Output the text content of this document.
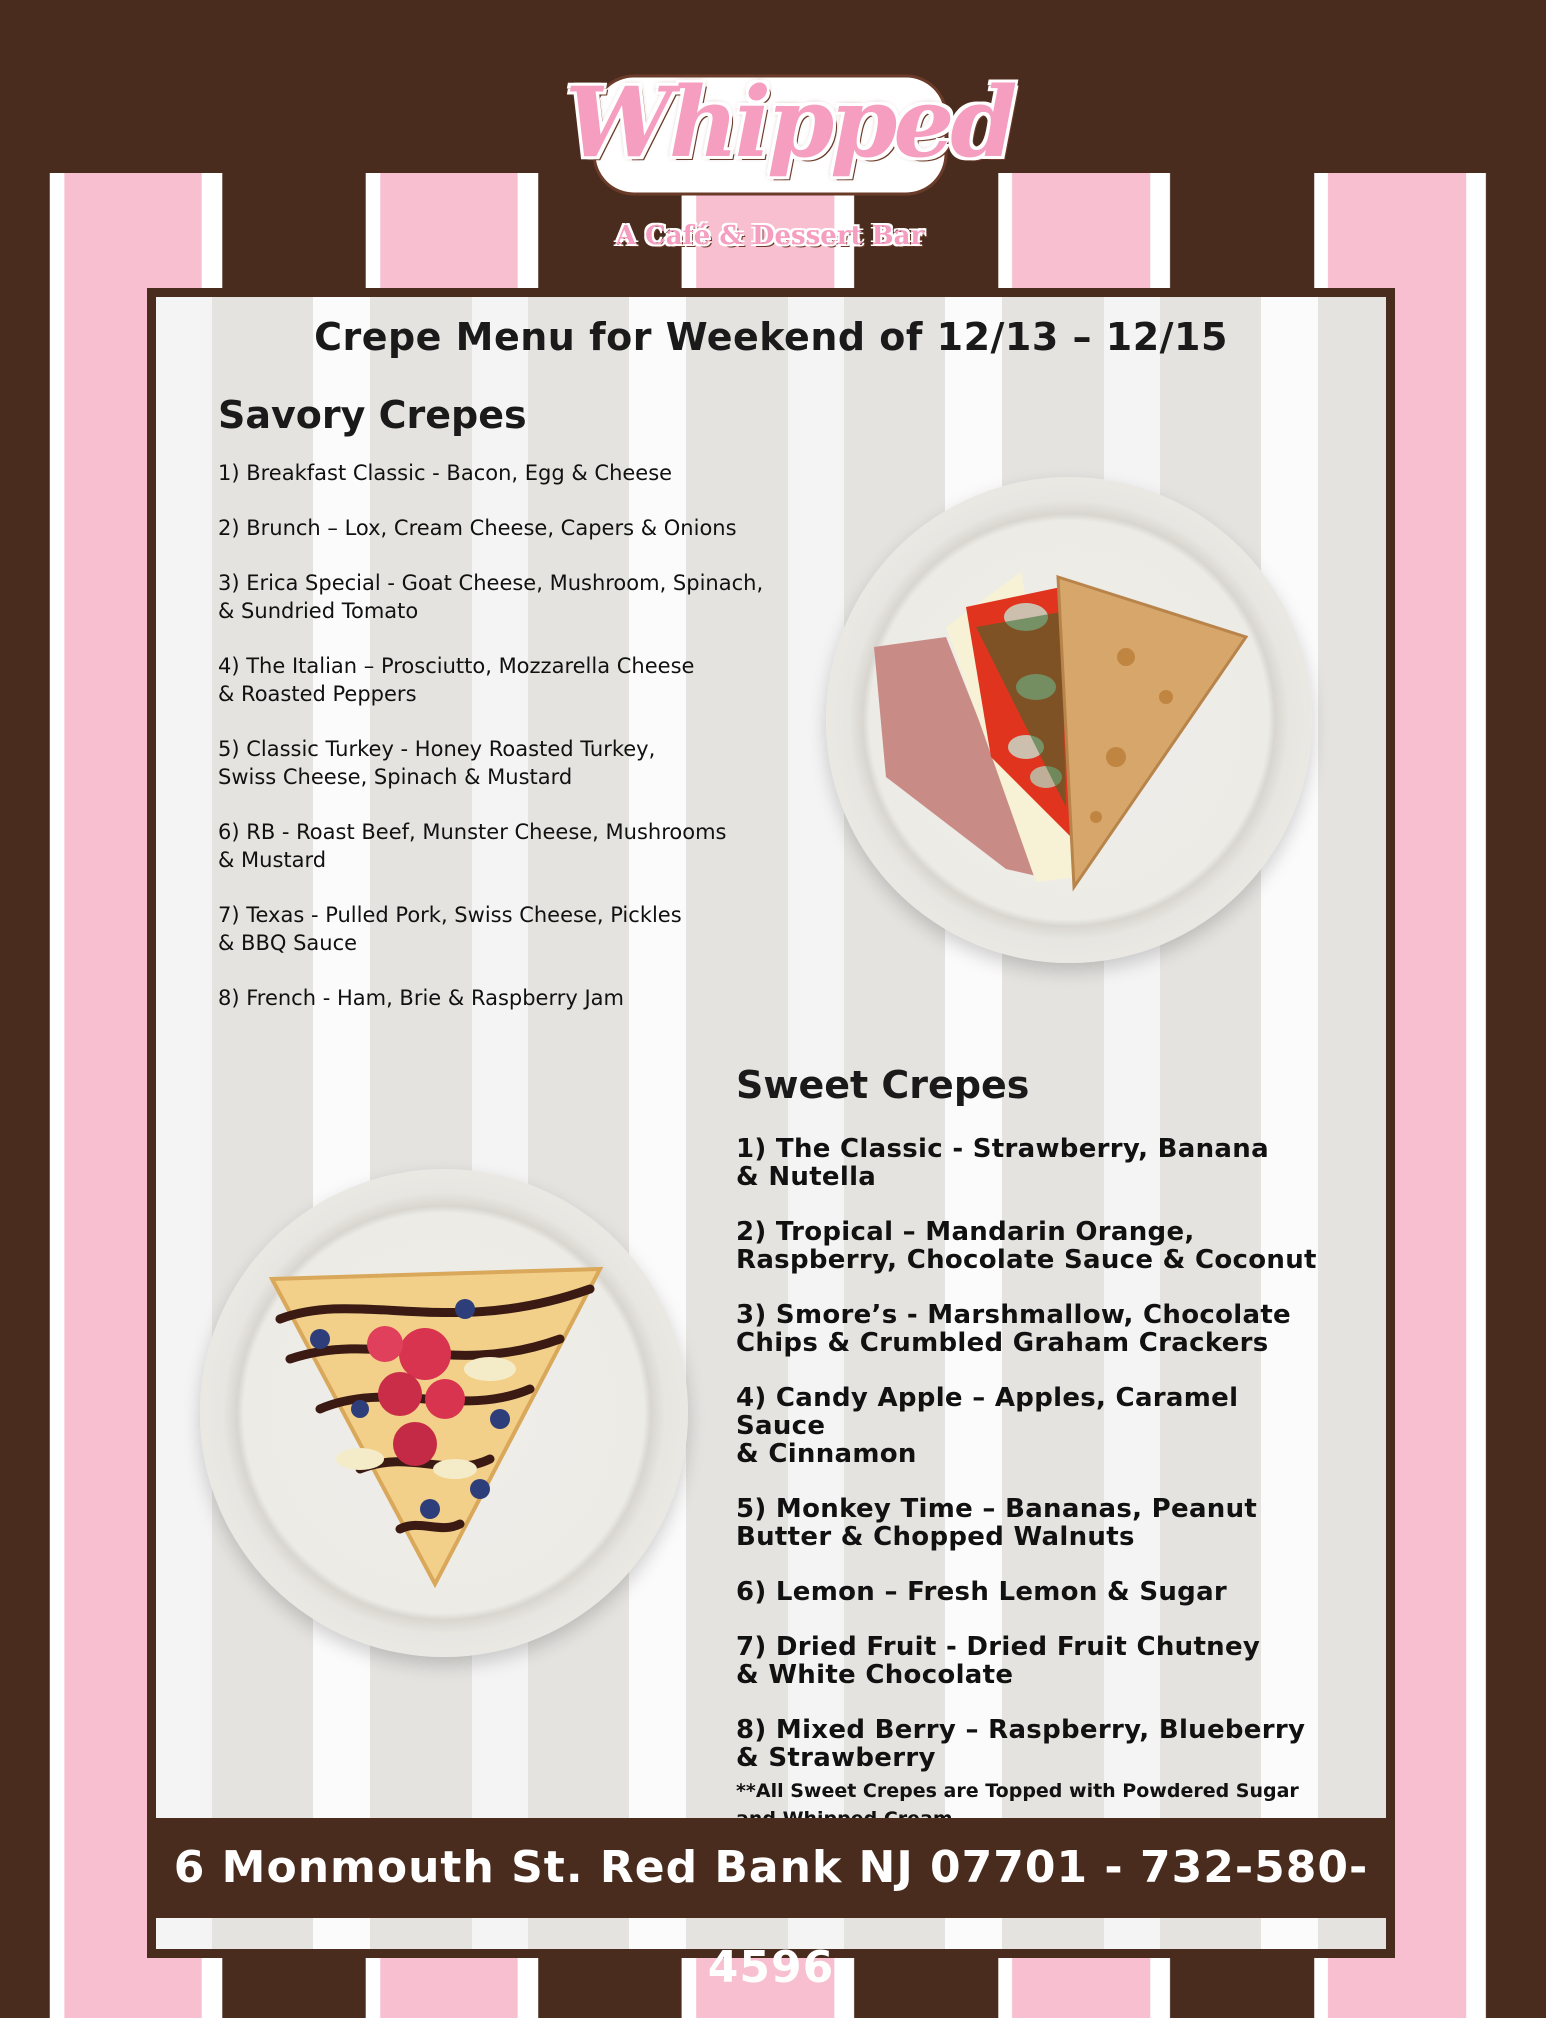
Whipped
A Café & Dessert Bar
Crepe Menu for Weekend of 12/13 – 12/15
Savory Crepes
1) Breakfast Classic - Bacon, Egg & Cheese
2) Brunch – Lox, Cream Cheese, Capers & Onions
3) Erica Special - Goat Cheese, Mushroom, Spinach,
& Sundried Tomato
4) The Italian – Prosciutto, Mozzarella Cheese
& Roasted Peppers
5) Classic Turkey - Honey Roasted Turkey,
Swiss Cheese, Spinach & Mustard
6) RB - Roast Beef, Munster Cheese, Mushrooms
& Mustard
7) Texas - Pulled Pork, Swiss Cheese, Pickles
& BBQ Sauce
8) French - Ham, Brie & Raspberry Jam
Sweet Crepes
1) The Classic - Strawberry, Banana
& Nutella
2) Tropical – Mandarin Orange,
Raspberry, Chocolate Sauce & Coconut
3) Smore’s - Marshmallow, Chocolate
Chips & Crumbled Graham Crackers
4) Candy Apple – Apples, Caramel Sauce
& Cinnamon
5) Monkey Time – Bananas, Peanut
Butter & Chopped Walnuts
6) Lemon – Fresh Lemon & Sugar
7) Dried Fruit - Dried Fruit Chutney
& White Chocolate
8) Mixed Berry – Raspberry, Blueberry
& Strawberry
**All Sweet Crepes are Topped with Powdered Sugar

6 Monmouth St. Red Bank NJ 07701 - 732-580-4596
